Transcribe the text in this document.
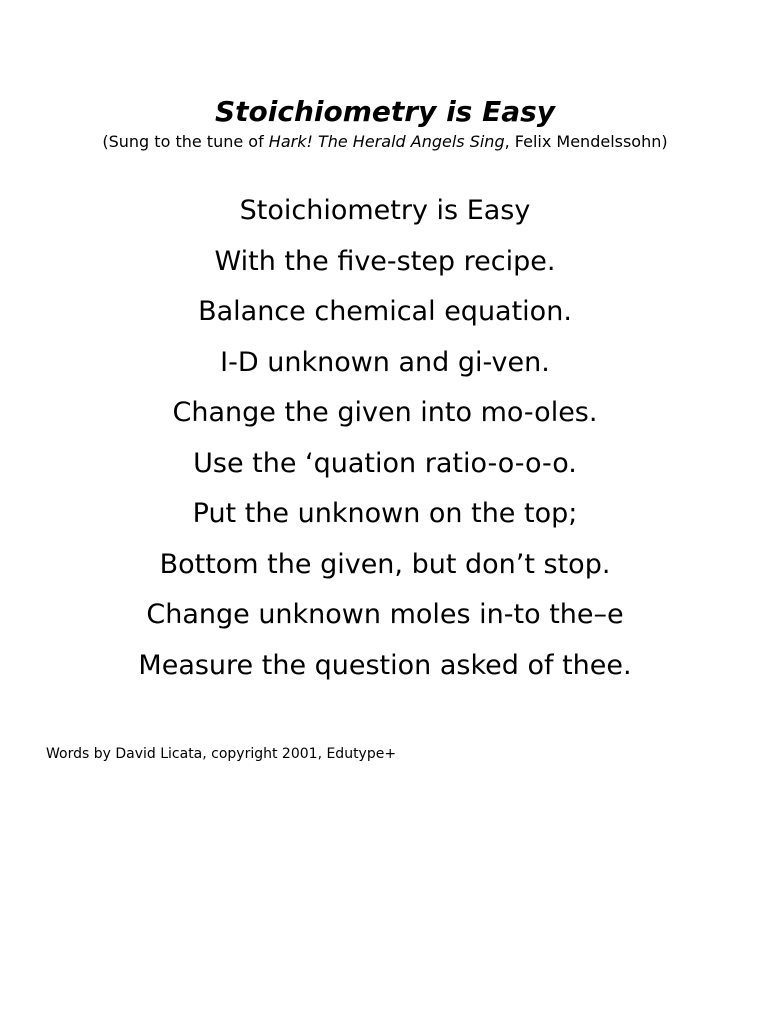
Stoichiometry is Easy

(Sung to the tune of Hark! The Herald Angels Sing, Felix Mendelssohn)

Stoichiometry is Easy
With the five-step recipe.
Balance chemical equation.
I-D unknown and gi-ven.
Change the given into mo-oles.
Use the ‘quation ratio-o-o-o.
Put the unknown on the top;
Bottom the given, but don’t stop.
Change unknown moles in-to the–e
Measure the question asked of thee.

Words by David Licata, copyright 2001, Edutype+
